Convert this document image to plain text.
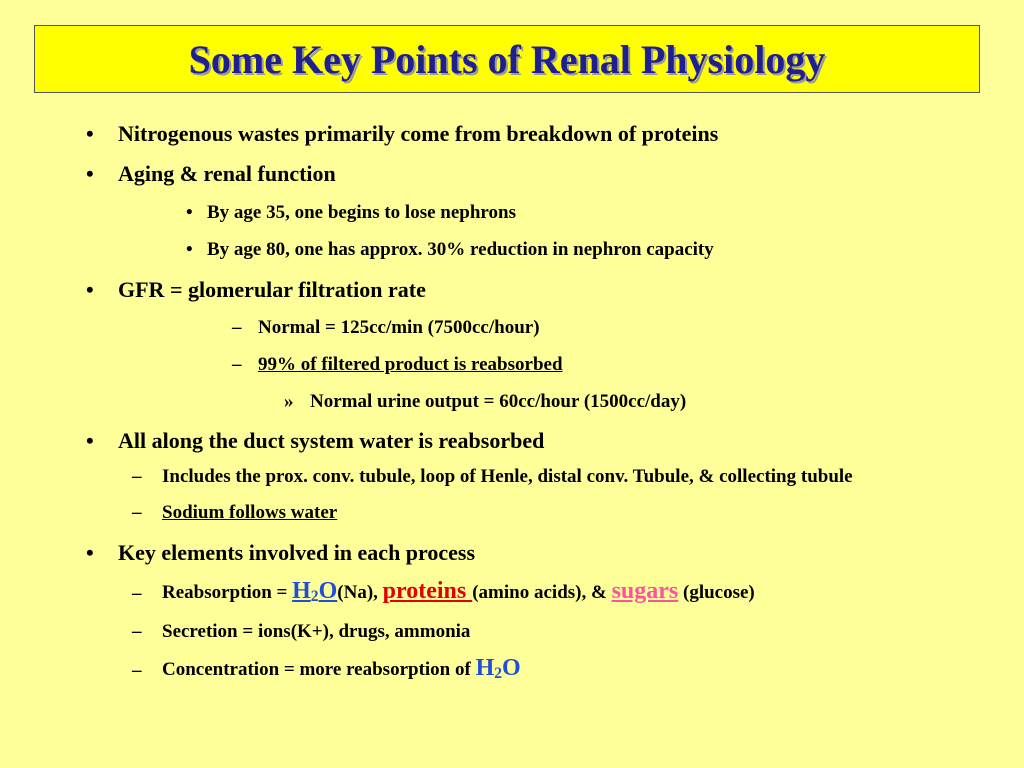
Some Key Points of Renal Physiology
• Nitrogenous wastes primarily come from breakdown of proteins
• Aging & renal function
• By age 35, one begins to lose nephrons
• By age 80, one has approx. 30% reduction in nephron capacity
• GFR = glomerular filtration rate
– Normal = 125cc/min (7500cc/hour)
– 99% of filtered product is reabsorbed
» Normal urine output = 60cc/hour (1500cc/day)
• All along the duct system water is reabsorbed
– Includes the prox. conv. tubule, loop of Henle, distal conv. Tubule, & collecting tubule
– Sodium follows water
• Key elements involved in each process
– Reabsorption = $H_2O(Na)$, proteins (amino acids), & sugars (glucose)
– Secretion = ions(K+), drugs, ammonia
– Concentration = more reabsorption of $H_2O$
